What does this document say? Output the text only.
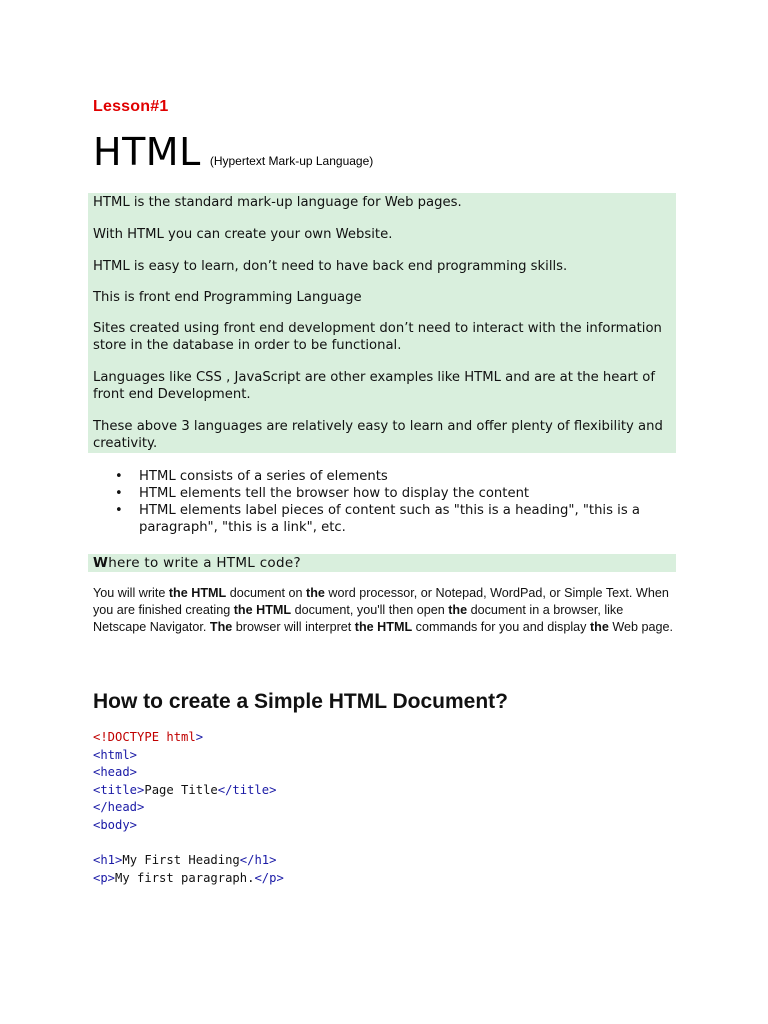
Lesson#1
HTML (Hypertext Mark-up Language)

HTML is the standard mark-up language for Web pages.

With HTML you can create your own Website.

HTML is easy to learn, don’t need to have back end programming skills.

This is front end Programming Language

Sites created using front end development don’t need to interact with the information store in the database in order to be functional.

Languages like CSS , JavaScript are other examples like HTML and are at the heart of front end Development.

These above 3 languages are relatively easy to learn and offer plenty of flexibility and creativity.

• HTML consists of a series of elements
• HTML elements tell the browser how to display the content
• HTML elements label pieces of content such as "this is a heading", "this is a paragraph", "this is a link", etc.
Where to write a HTML code?
You will write the HTML document on the word processor, or Notepad, WordPad, or Simple Text. When you are finished creating the HTML document, you'll then open the document in a browser, like Netscape Navigator. The browser will interpret the HTML commands for you and display the Web page.
How to create a Simple HTML Document?
<!DOCTYPE html>
<html>
<head>
<title>Page Title</title>
</head>
<body>
<h1>My First Heading</h1>
<p>My first paragraph.</p>
